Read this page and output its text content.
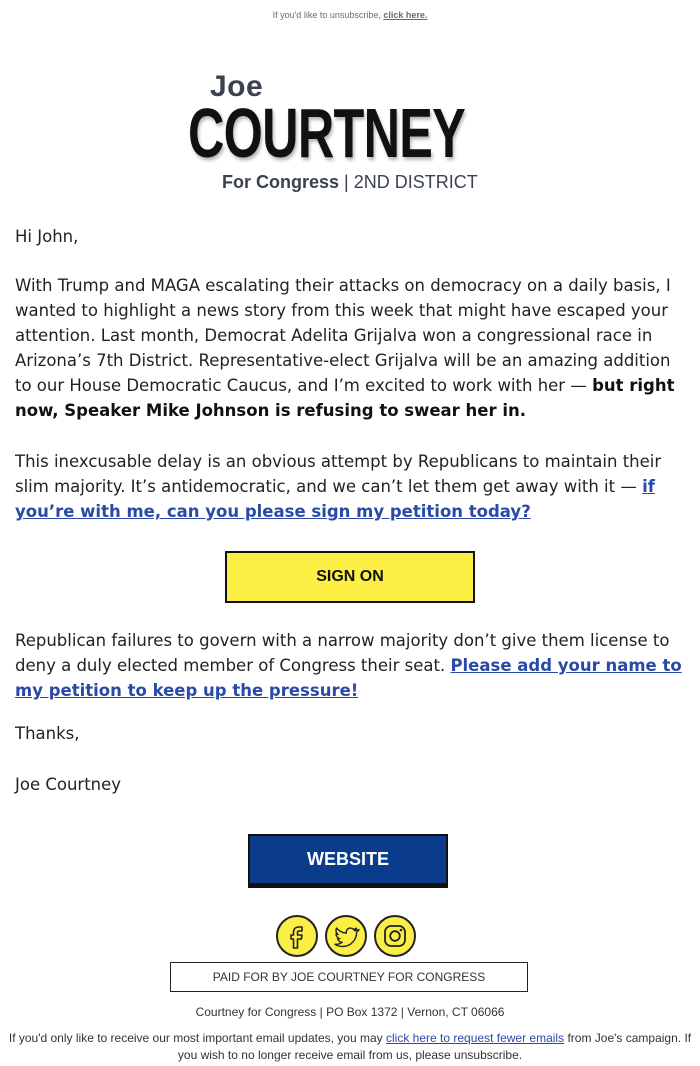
If you'd like to unsubscribe, click here.
Joe
COURTNEY
For Congress | 2ND DISTRICT

Hi John,

With Trump and MAGA escalating their attacks on democracy on a daily basis, I wanted to highlight a news story from this week that might have escaped your attention. Last month, Democrat Adelita Grijalva won a congressional race in Arizona’s 7th District. Representative-elect Grijalva will be an amazing addition to our House Democratic Caucus, and I’m excited to work with her — but right now, Speaker Mike Johnson is refusing to swear her in.

This inexcusable delay is an obvious attempt by Republicans to maintain their slim majority. It’s antidemocratic, and we can’t let them get away with it — if you’re with me, can you please sign my petition today?

SIGN ON

Republican failures to govern with a narrow majority don’t give them license to deny a duly elected member of Congress their seat. Please add your name to my petition to keep up the pressure!

Thanks,
Joe Courtney
WEBSITE
PAID FOR BY JOE COURTNEY FOR CONGRESS
Courtney for Congress | PO Box 1372 | Vernon, CT 06066
If you'd only like to receive our most important email updates, you may click here to request fewer emails from Joe's campaign. If you wish to no longer receive email from us, please unsubscribe.
